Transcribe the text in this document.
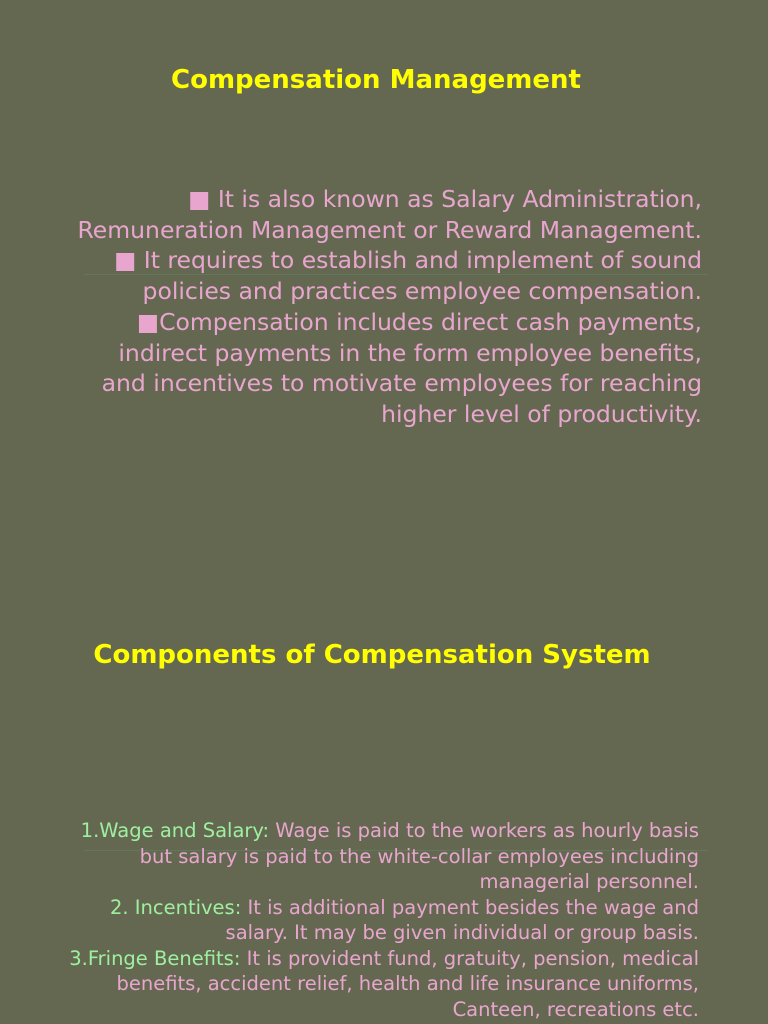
Compensation Management

■ It is also known as Salary Administration, Remuneration Management or Reward Management.

■ It requires to establish and implement of sound policies and practices employee compensation.

■Compensation includes direct cash payments, indirect payments in the form employee benefits, and incentives to motivate employees for reaching higher level of productivity.

Components of Compensation System

1.Wage and Salary: Wage is paid to the workers as hourly basis but salary is paid to the white-collar employees including managerial personnel.

2. Incentives: It is additional payment besides the wage and salary. It may be given individual or group basis.

3.Fringe Benefits: It is provident fund, gratuity, pension, medical benefits, accident relief, health and life insurance uniforms, Canteen, recreations etc.
